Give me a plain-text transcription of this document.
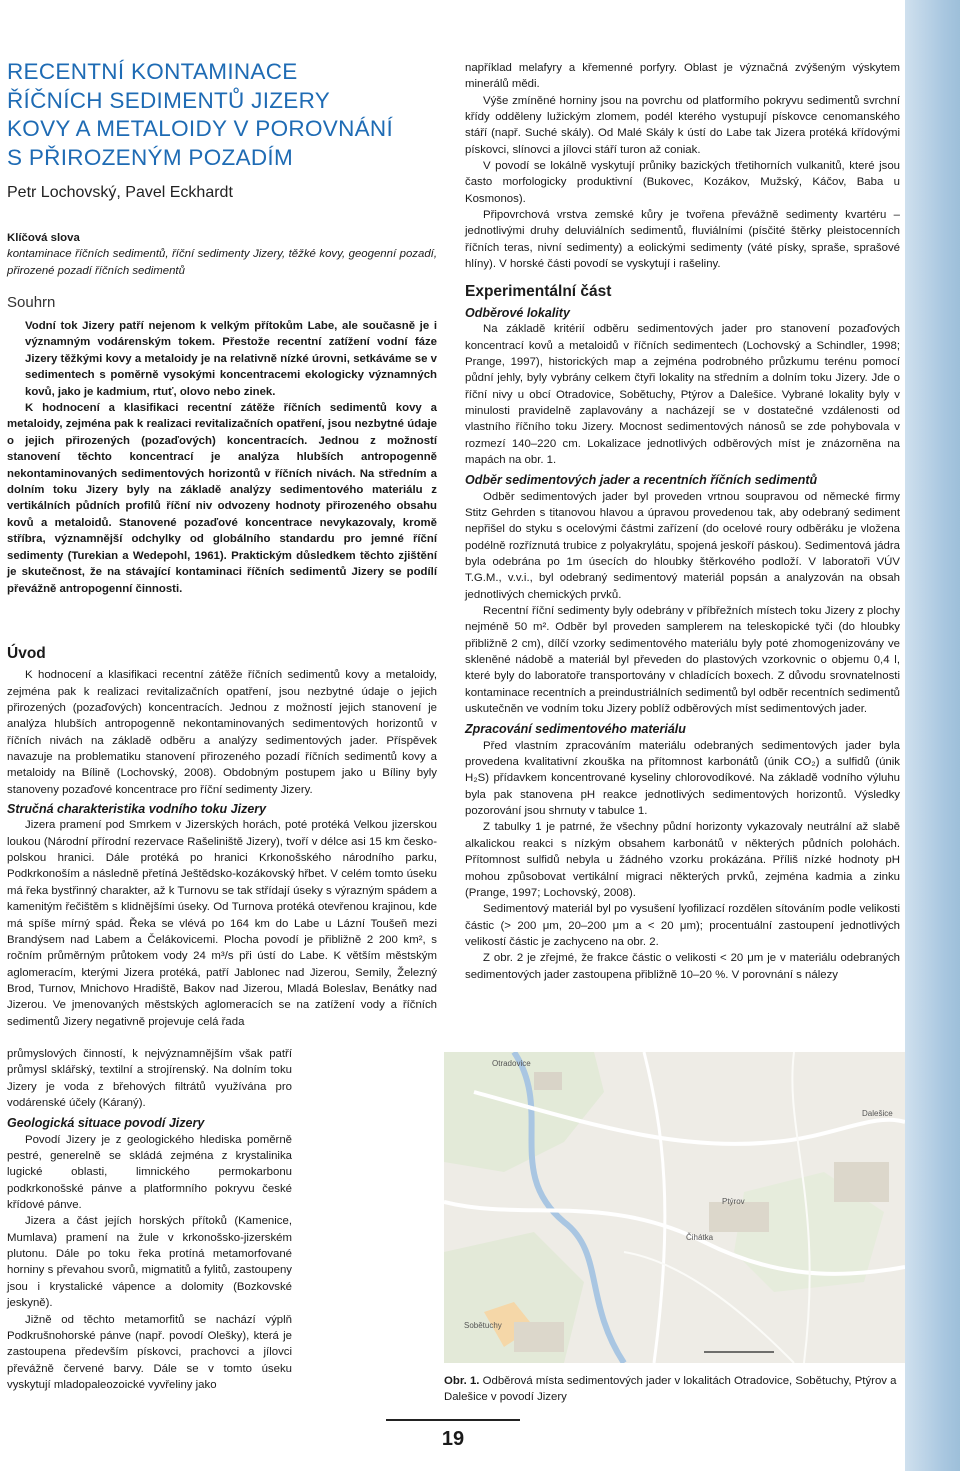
RECENTNÍ KONTAMINACE
ŘÍČNÍCH SEDIMENTŮ JIZERY
KOVY A METALOIDY V POROVNÁNÍ
S PŘIROZENÝM POZADÍM
Petr Lochovský, Pavel Eckhardt
Klíčová slova
kontaminace říčních sedimentů, říční sedimenty Jizery, těžké kovy, geogenní pozadí, přirozené pozadí říčních sedimentů
Souhrn

Vodní tok Jizery patří nejenom k velkým přítokům Labe, ale současně je i významným vodárenským tokem. Přestože recentní zatížení vodní fáze Jizery těžkými kovy a metaloidy je na relativně nízké úrovni, setkáváme se v sedimentech s poměrně vysokými koncentracemi ekologicky významných kovů, jako je kadmium, rtuť, olovo nebo zinek.

K hodnocení a klasifikaci recentní zátěže říčních sedimentů kovy a metaloidy, zejména pak k realizaci revitalizačních opatření, jsou nezbytné údaje o jejich přirozených (pozaďových) koncentracích. Jednou z možností stanovení těchto koncentrací je analýza hlubších antropogenně nekontaminovaných sedimentových horizontů v říčních nivách. Na středním a dolním toku Jizery byly na základě analýzy sedimentového materiálu z vertikálních půdních profilů říční niv odvozeny hodnoty přirozeného obsahu kovů a metaloidů. Stanovené pozaďové koncentrace nevykazovaly, kromě stříbra, významnější odchylky od globálního standardu pro jemné říční sedimenty (Turekian a Wedepohl, 1961). Praktickým důsledkem těchto zjištění je skutečnost, že na stávající kontaminaci říčních sedimentů Jizery se podílí převážně antropogenní činnosti.

Úvod

K hodnocení a klasifikaci recentní zátěže říčních sedimentů kovy a metaloidy, zejména pak k realizaci revitalizačních opatření, jsou nezbytné údaje o jejich přirozených (pozaďových) koncentracích. Jednou z možností jejich stanovení je analýza hlubších antropogenně nekontaminovaných sedimentových horizontů v říčních nivách na základě odběru a analýzy sedimentových jader. Příspěvek navazuje na problematiku stanovení přirozeného pozadí říčních sedimentů kovy a metaloidy na Bílině (Lochovský, 2008). Obdobným postupem jako u Bíliny byly stanoveny pozaďové koncentrace pro říční sedimenty Jizery.

Stručná charakteristika vodního toku Jizery

Jizera pramení pod Smrkem v Jizerských horách, poté protéká Velkou jizerskou loukou (Národní přírodní rezervace Rašeliniště Jizery), tvoří v délce asi 15 km česko-polskou hranici. Dále protéká po hranici Krkonošského národního parku, Podkrkonoším a následně přetíná Ještědsko-kozákovský hřbet. V celém tomto úseku má řeka bystřinný charakter, až k Turnovu se tak střídají úseky s výrazným spádem a kamenitým řečištěm s klidnějšími úseky. Od Turnova protéká otevřenou krajinou, kde má spíše mírný spád. Řeka se vlévá po 164 km do Labe u Lázní Toušeň mezi Brandýsem nad Labem a Čelákovicemi. Plocha povodí je přibližně 2 200 km², s ročním průměrným průtokem vody 24 m³/s při ústí do Labe. K větším městským aglomeracím, kterými Jizera protéká, patří Jablonec nad Jizerou, Semily, Železný Brod, Turnov, Mnichovo Hradiště, Bakov nad Jizerou, Mladá Boleslav, Benátky nad Jizerou. Ve jmenovaných městských aglomeracích se na zatížení vody a říčních sedimentů Jizery negativně projevuje celá řada

průmyslových činností, k nejvýznamnějším však patří průmysl sklářský, textilní a strojírenský. Na dolním toku Jizery je voda z břehových filtrátů využívána pro vodárenské účely (Káraný).

Geologická situace povodí Jizery

Povodí Jizery je z geologického hlediska poměrně pestré, generelně se skládá zejména z krystalinika lugické oblasti, limnického permokarbonu podkrkonošské pánve a platformního pokryvu české křídové pánve.

Jizera a část jejích horských přítoků (Kamenice, Mumlava) pramení na žule v krkonošsko-jizerském plutonu. Dále po toku řeka protíná metamorfované horniny s převahou svorů, migmatitů a fylitů, zastoupeny jsou i krystalické vápence a dolomity (Bozkovské jeskyně).

Jižně od těchto metamorfitů se nachází výplň Podkrušnohorské pánve (např. povodí Olešky), která je zastoupena především pískovci, prachovci a jílovci převážně červené barvy. Dále se v tomto úseku vyskytují mladopaleozoické vyvřeliny jako

například melafyry a křemenné porfyry. Oblast je význačná zvýšeným výskytem minerálů mědi.

Výše zmíněné horniny jsou na povrchu od platformího pokryvu sedimentů svrchní křídy odděleny lužickým zlomem, podél kterého vystupují pískovce cenomanského stáří (např. Suché skály). Od Malé Skály k ústí do Labe tak Jizera protéká křídovými pískovci, slínovci a jílovci stáří turon až coniak.

V povodí se lokálně vyskytují průniky bazických třetihorních vulkanitů, které jsou často morfologicky produktivní (Bukovec, Kozákov, Mužský, Káčov, Baba u Kosmonos).

Připovrchová vrstva zemské kůry je tvořena převážně sedimenty kvartéru – jednotlivými druhy deluviálních sedimentů, fluviálními (písčité štěrky pleistocenních říčních teras, nivní sedimenty) a eolickými sedimenty (váté písky, spraše, sprašové hlíny). V horské části povodí se vyskytují i rašeliny.

Experimentální část

Odběrové lokality

Na základě kritérií odběru sedimentových jader pro stanovení pozaďových koncentrací kovů a metaloidů v říčních sedimentech (Lochovský a Schindler, 1998; Prange, 1997), historických map a zejména podrobného průzkumu terénu pomocí půdní jehly, byly vybrány celkem čtyři lokality na středním a dolním toku Jizery. Jde o říční nivy u obcí Otradovice, Sobětuchy, Ptýrov a Dalešice. Vybrané lokality byly v minulosti pravidelně zaplavovány a nacházejí se v dostatečné vzdálenosti od vlastního říčního toku Jizery. Mocnost sedimentových nánosů se zde pohybovala v rozmezí 140–220 cm. Lokalizace jednotlivých odběrových míst je znázorněna na mapách na obr. 1.

Odběr sedimentových jader a recentních říčních sedimentů

Odběr sedimentových jader byl proveden vrtnou soupravou od německé firmy Stitz Gehrden s titanovou hlavou a úpravou provedenou tak, aby odebraný sediment nepřišel do styku s ocelovými částmi zařízení (do ocelové roury odběráku je vložena podélně rozříznutá trubice z polyakrylátu, spojená jeskoří páskou). Sedimentová jádra byla odebrána po 1m úsecích do hloubky štěrkového podloží. V laboratoři VÚV T.G.M., v.v.i., byl odebraný sedimentový materiál popsán a analyzován na obsah jednotlivých chemických prvků.

Recentní říční sedimenty byly odebrány v příbřežních místech toku Jizery z plochy nejméně 50 m². Odběr byl proveden samplerem na teleskopické tyči (do hloubky přibližně 2 cm), dílčí vzorky sedimentového materiálu byly poté zhomogenizovány ve skleněné nádobě a materiál byl převeden do plastových vzorkovnic o objemu 0,4 l, které byly do laboratoře transportovány v chladících boxech. Z důvodu srovnatelnosti kontaminace recentních a preindustriálních sedimentů byl odběr recentních sedimentů uskutečněn ve vodním toku Jizery poblíž odběrových míst sedimentových jader.

Zpracování sedimentového materiálu

Před vlastním zpracováním materiálu odebraných sedimentových jader byla provedena kvalitativní zkouška na přítomnost karbonátů (únik CO₂) a sulfidů (únik H₂S) přídavkem koncentrované kyseliny chlorovodíkové. Na základě vodního výluhu byla pak stanovena pH reakce jednotlivých sedimentových horizontů. Výsledky pozorování jsou shrnuty v tabulce 1.

Z tabulky 1 je patrné, že všechny půdní horizonty vykazovaly neutrální až slabě alkalickou reakci s nízkým obsahem karbonátů v některých půdních polohách. Přítomnost sulfidů nebyla u žádného vzorku prokázána. Příliš nízké hodnoty pH mohou způsobovat vertikální migraci některých prvků, zejména kadmia a zinku (Prange, 1997; Lochovský, 2008).

Sedimentový materiál byl po vysušení lyofilizací rozdělen sítováním podle velikosti částic (> 200 μm, 20–200 μm a < 20 μm); procentuální zastoupení jednotlivých velikostí částic je zachyceno na obr. 2.

Z obr. 2 je zřejmé, že frakce částic o velikosti < 20 μm je v materiálu odebraných sedimentových jader zastoupena přibližně 10–20 %. V porovnání s nálezy

Otradovice
Ptýrov
Čihátka
Dalešice
Sobětuchy
Obr. 1. Odběrová místa sedimentových jader v lokalitách Otradovice, Sobětuchy, Ptýrov a Dalešice v povodí Jizery
19
